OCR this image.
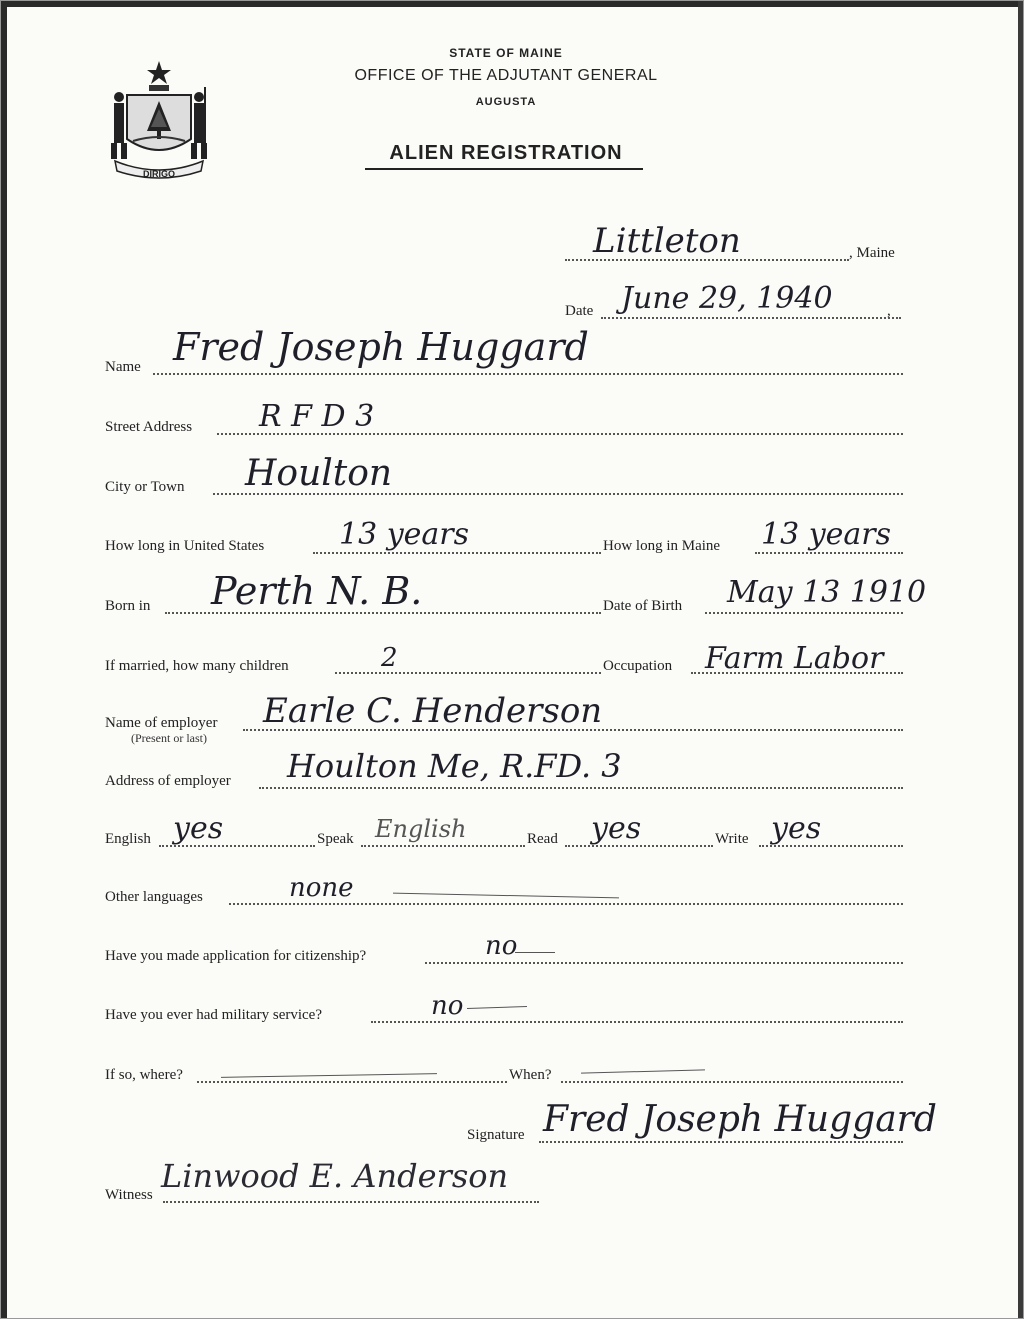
DIRIGO
STATE OF MAINE
OFFICE OF THE ADJUTANT GENERAL
AUGUSTA
ALIEN REGISTRATION
Littleton	, Maine
Date June 29, 1940	,
Name Fred Joseph Huggard
Street Address R F D 3
City or Town Houlton
How long in United States 13 years	How long in Maine 13 years
Born in Perth N. B.	Date of Birth May 13 1910
If married, how many children	2	Occupation Farm Labor
Name of employer
(Present or last)
Earle C. Henderson
Address of employer Houlton Me, R.FD. 3
English yes	Speak English	Read yes	Write yes
Other languages	none
Have you made application for citizenship?	no
Have you ever had military service?	no
If so, where?	When?
Signature Fred Joseph Huggard
Witness Linwood E. Anderson
